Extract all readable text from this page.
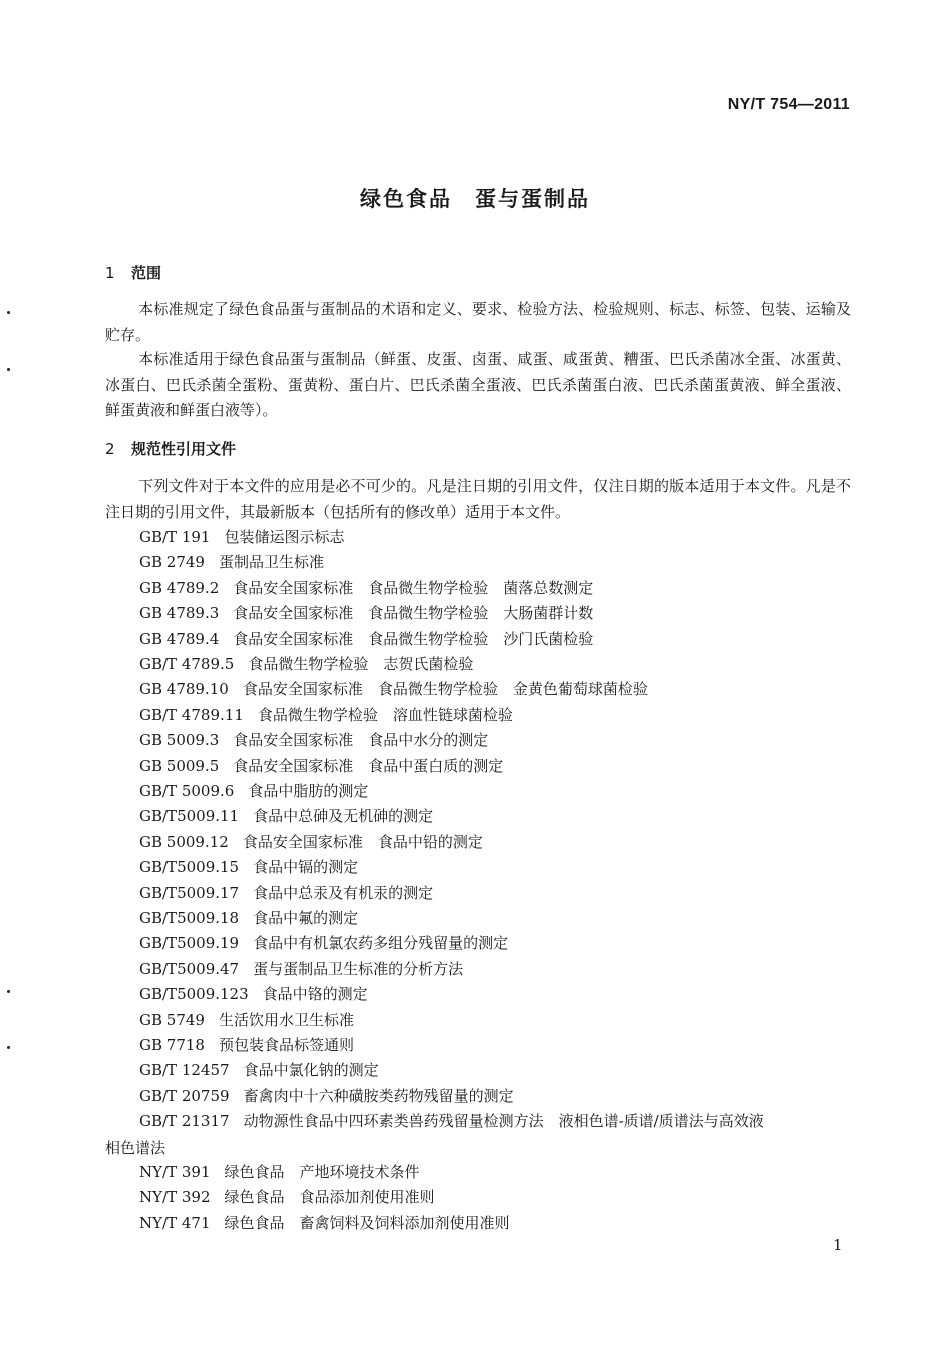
NY/T 754—2011
绿色食品　蛋与蛋制品
1 范围
本标准规定了绿色食品蛋与蛋制品的术语和定义、要求、检验方法、检验规则、标志、标签、包装、运输及贮存。
本标准适用于绿色食品蛋与蛋制品（鲜蛋、皮蛋、卤蛋、咸蛋、咸蛋黄、糟蛋、巴氏杀菌冰全蛋、冰蛋黄、冰蛋白、巴氏杀菌全蛋粉、蛋黄粉、蛋白片、巴氏杀菌全蛋液、巴氏杀菌蛋白液、巴氏杀菌蛋黄液、鲜全蛋液、鲜蛋黄液和鲜蛋白液等）。
2 规范性引用文件
下列文件对于本文件的应用是必不可少的。凡是注日期的引用文件，仅注日期的版本适用于本文件。凡是不注日期的引用文件，其最新版本（包括所有的修改单）适用于本文件。
GB/T 191 包装储运图示标志
GB 2749 蛋制品卫生标准
GB 4789.2 食品安全国家标准　食品微生物学检验　菌落总数测定
GB 4789.3 食品安全国家标准　食品微生物学检验　大肠菌群计数
GB 4789.4 食品安全国家标准　食品微生物学检验　沙门氏菌检验
GB/T 4789.5 食品微生物学检验　志贺氏菌检验
GB 4789.10 食品安全国家标准　食品微生物学检验　金黄色葡萄球菌检验
GB/T 4789.11 食品微生物学检验　溶血性链球菌检验
GB 5009.3 食品安全国家标准　食品中水分的测定
GB 5009.5 食品安全国家标准　食品中蛋白质的测定
GB/T 5009.6 食品中脂肪的测定
GB/T5009.11 食品中总砷及无机砷的测定
GB 5009.12 食品安全国家标准　食品中铅的测定
GB/T5009.15 食品中镉的测定
GB/T5009.17 食品中总汞及有机汞的测定
GB/T5009.18 食品中氟的测定
GB/T5009.19 食品中有机氯农药多组分残留量的测定
GB/T5009.47 蛋与蛋制品卫生标准的分析方法
GB/T5009.123 食品中铬的测定
GB 5749 生活饮用水卫生标准
GB 7718 预包装食品标签通则
GB/T 12457 食品中氯化钠的测定
GB/T 20759 畜禽肉中十六种磺胺类药物残留量的测定
GB/T 21317 动物源性食品中四环素类兽药残留量检测方法　液相色谱-质谱/质谱法与高效液
相色谱法
NY/T 391 绿色食品　产地环境技术条件
NY/T 392 绿色食品　食品添加剂使用准则
NY/T 471 绿色食品　畜禽饲料及饲料添加剂使用准则
1
